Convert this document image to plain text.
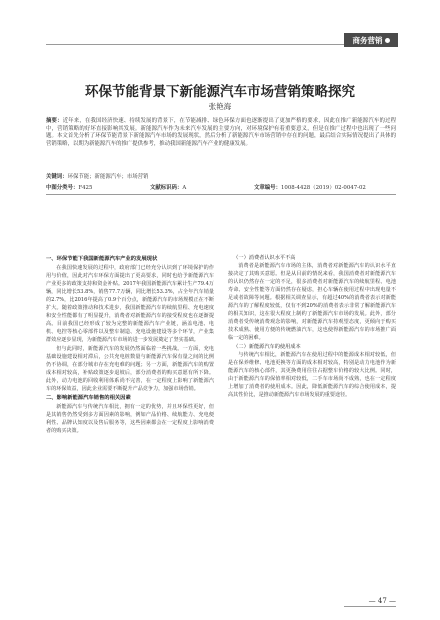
商务营销
环保节能背景下新能源汽车市场营销策略探究
张艳海
摘要：近年来，在我国经济快速、持续发展的背景下，在节能减排、绿色环保方面也逐渐提出了更加严格的要求，因此在推广新能源汽车的过程中，营销策略的好坏直接影响其发展。新能源汽车作为未来汽车发展的主要方向，对环境保护有着重要意义，但是在推广过程中也出现了一些问题。本文首先分析了环保节能背景下新能源汽车市场的发展现状，然后分析了新能源汽车市场营销中存在的问题，最后结合实际情况提出了具体的营销策略，以期为新能源汽车的推广提供参考，推动我国新能源汽车产业的健康发展。
关键词：环保节能；新能源汽车；市场营销
中图分类号：F425	文献标识码：A	文章编号：1008-4428（2019）02-0047-02
一、环保节能下我国新能源汽车产业的发展现状

在我国快速发展的过程中，政府部门已经充分认识到了环境保护的作用与价值，因此对汽车环保方面提出了更高要求，同时也给予新能源汽车产业更多的政策支持和资金补贴。2017年我国新能源汽车累计生产79.4万辆，同比增长53.8%，销售77.7万辆，同比增长53.3%，占全年汽车销量的2.7%，比2016年提高了0.9个百分点，新能源汽车的市场规模正在不断扩大。随着政策推动和技术进步，我国新能源汽车的续航里程、充电速度和安全性能都有了明显提升，消费者对新能源汽车的接受程度也在逐渐提高。目前我国已经形成了较为完整的新能源汽车产业链，涵盖电池、电机、电控等核心零部件以及整车制造、充电设施建设等多个环节，产业集群效应逐步显现，为新能源汽车市场的进一步发展奠定了坚实基础。

但与此同时，新能源汽车的发展仍然面临着一些挑战。一方面，充电基础设施建设相对滞后，公共充电桩数量与新能源汽车保有量之间的比例仍不协调，在部分城市存在充电难的问题；另一方面，新能源汽车的购置成本相对较高，补贴政策逐步退坡后，部分消费者的购买意愿有所下降。此外，动力电池的回收利用体系尚不完善，在一定程度上影响了新能源汽车的环保效益，因此企业需要不断提升产品竞争力，加强市场营销。

二、影响新能源汽车销售的相关因素

新能源汽车与传统汽车相比，拥有一定的优势，并且环保性更好，但是其销售仍然受到多方面因素的影响，例如产品价格、续航能力、充电便利性、品牌认知度以及售后服务等，这些因素都会在一定程度上影响消费者的购买决策。

（一）消费者认识水平不高

消费者是新能源汽车市场的主体，消费者对新能源汽车的认识水平直接决定了其购买意愿。但是从目前的情况来看，我国消费者对新能源汽车的认识仍然存在一定的不足，很多消费者对新能源汽车的续航里程、电池寿命、安全性能等方面仍然存在疑虑，担心车辆在使用过程中出现电量不足或者故障等问题。根据相关调查显示，有超过40%的消费者表示对新能源汽车的了解程度较低，仅有不到20%的消费者表示非常了解新能源汽车的相关知识，这在很大程度上制约了新能源汽车市场的发展。此外，部分消费者受传统消费观念的影响，对新能源汽车持观望态度，更倾向于购买技术成熟、使用方便的传统燃油汽车，这也使得新能源汽车的市场推广面临一定的困难。

（二）新能源汽车的使用成本

与传统汽车相比，新能源汽车在使用过程中的能源成本相对较低，但是在保养维修、电池更换等方面的成本相对较高，特别是动力电池作为新能源汽车的核心部件，其更换费用往往占据整车价格的较大比例。同时，由于新能源汽车的保值率相对较低，二手车市场尚不成熟，也在一定程度上增加了消费者的使用成本。因此，降低新能源汽车的综合使用成本，提高其性价比，是推动新能源汽车市场发展的重要途径。

— 47 —
